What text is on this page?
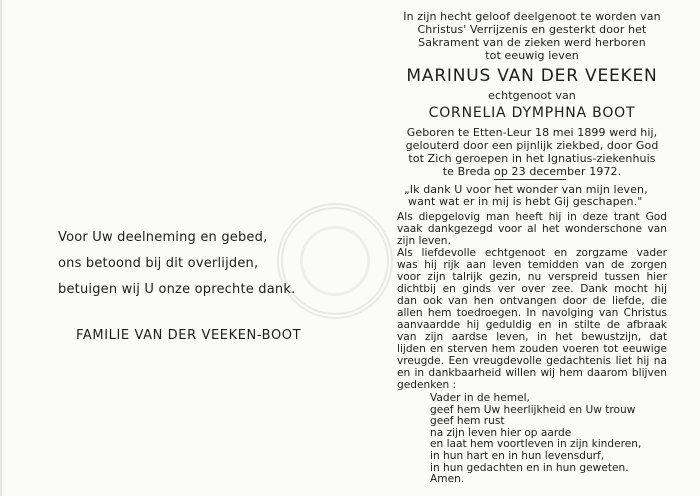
Voor Uw deelneming en gebed,
ons betoond bij dit overlijden,
betuigen wij U onze oprechte dank.
FAMILIE VAN DER VEEKEN-BOOT
In zijn hecht geloof deelgenoot te worden van
Christus' Verrijzenis en gesterkt door het
Sakrament van de zieken werd herboren
tot eeuwig leven
MARINUS VAN DER VEEKEN
echtgenoot van
CORNELIA DYMPHNA BOOT
Geboren te Etten-Leur 18 mei 1899 werd hij,
gelouterd door een pijnlijk ziekbed, door God
tot Zich geroepen in het Ignatius-ziekenhuis
te Breda op 23 december 1972.
„Ik dank U voor het wonder van mijn leven,
want wat er in mij is hebt Gij geschapen."
Als diepgelovig man heeft hij in deze trant God
vaak dankgezegd voor al het wonderschone van
zijn leven.
Als liefdevolle echtgenoot en zorgzame vader
was hij rijk aan leven temidden van de zorgen
voor zijn talrijk gezin, nu verspreid tussen hier
dichtbij en ginds ver over zee. Dank mocht hij
dan ook van hen ontvangen door de liefde, die
allen hem toedroegen. In navolging van Christus
aanvaardde hij geduldig en in stilte de afbraak
van zijn aardse leven, in het bewustzijn, dat
lijden en sterven hem zouden voeren tot eeuwige
vreugde. Een vreugdevolle gedachtenis liet hij na
en in dankbaarheid willen wij hem daarom blijven
gedenken :
Vader in de hemel,
geef hem Uw heerlijkheid en Uw trouw
geef hem rust
na zijn leven hier op aarde
en laat hem voortleven in zijn kinderen,
in hun hart en in hun levensdurf,
in hun gedachten en in hun geweten.
Amen.
